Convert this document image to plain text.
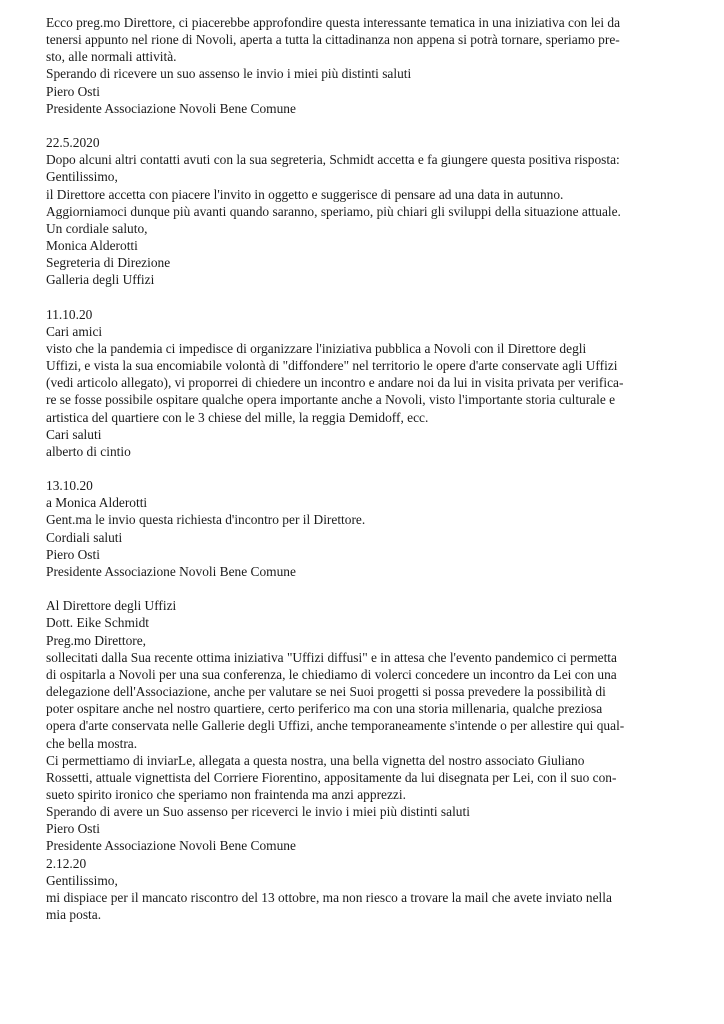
Ecco preg.mo Direttore, ci piacerebbe approfondire questa interessante tematica in una iniziativa con lei da
tenersi appunto nel rione di Novoli, aperta a tutta la cittadinanza non appena si potrà tornare, speriamo pre-
sto, alle normali attività.
Sperando di ricevere un suo assenso le invio i miei più distinti saluti
Piero Osti
Presidente Associazione Novoli Bene Comune
22.5.2020
Dopo alcuni altri contatti avuti con la sua segreteria, Schmidt accetta e fa giungere questa positiva risposta:
Gentilissimo,
il Direttore accetta con piacere l'invito in oggetto e suggerisce di pensare ad una data in autunno.
Aggiorniamoci dunque più avanti quando saranno, speriamo, più chiari gli sviluppi della situazione attuale.
Un cordiale saluto,
Monica Alderotti
Segreteria di Direzione
Galleria degli Uffizi
11.10.20
Cari amici
visto che la pandemia ci impedisce di organizzare l'iniziativa pubblica a Novoli con il Direttore degli
Uffizi, e vista la sua encomiabile volontà di "diffondere" nel territorio le opere d'arte conservate agli Uffizi
(vedi articolo allegato), vi proporrei di chiedere un incontro e andare noi da lui in visita privata per verifica-
re se fosse possibile ospitare qualche opera importante anche a Novoli, visto l'importante storia culturale e
artistica del quartiere con le 3 chiese del mille, la reggia Demidoff, ecc.
Cari saluti
alberto di cintio
13.10.20
a Monica Alderotti
Gent.ma le invio questa richiesta d'incontro per il Direttore.
Cordiali saluti
Piero Osti
Presidente Associazione Novoli Bene Comune
Al Direttore degli Uffizi
Dott. Eike Schmidt
Preg.mo Direttore,
sollecitati dalla Sua recente ottima iniziativa "Uffizi diffusi" e in attesa che l'evento pandemico ci permetta
di ospitarla a Novoli per una sua conferenza, le chiediamo di volerci concedere un incontro da Lei con una
delegazione dell'Associazione, anche per valutare se nei Suoi progetti si possa prevedere la possibilità di
poter ospitare anche nel nostro quartiere, certo periferico ma con una storia millenaria, qualche preziosa
opera d'arte conservata nelle Gallerie degli Uffizi, anche temporaneamente s'intende o per allestire qui qual-
che bella mostra.
Ci permettiamo di inviarLe, allegata a questa nostra, una bella vignetta del nostro associato Giuliano
Rossetti, attuale vignettista del Corriere Fiorentino, appositamente da lui disegnata per Lei, con il suo con-
sueto spirito ironico che speriamo non fraintenda ma anzi apprezzi.
Sperando di avere un Suo assenso per riceverci le invio i miei più distinti saluti
Piero Osti
Presidente Associazione Novoli Bene Comune
2.12.20
Gentilissimo,
mi dispiace per il mancato riscontro del 13 ottobre, ma non riesco a trovare la mail che avete inviato nella
mia posta.
